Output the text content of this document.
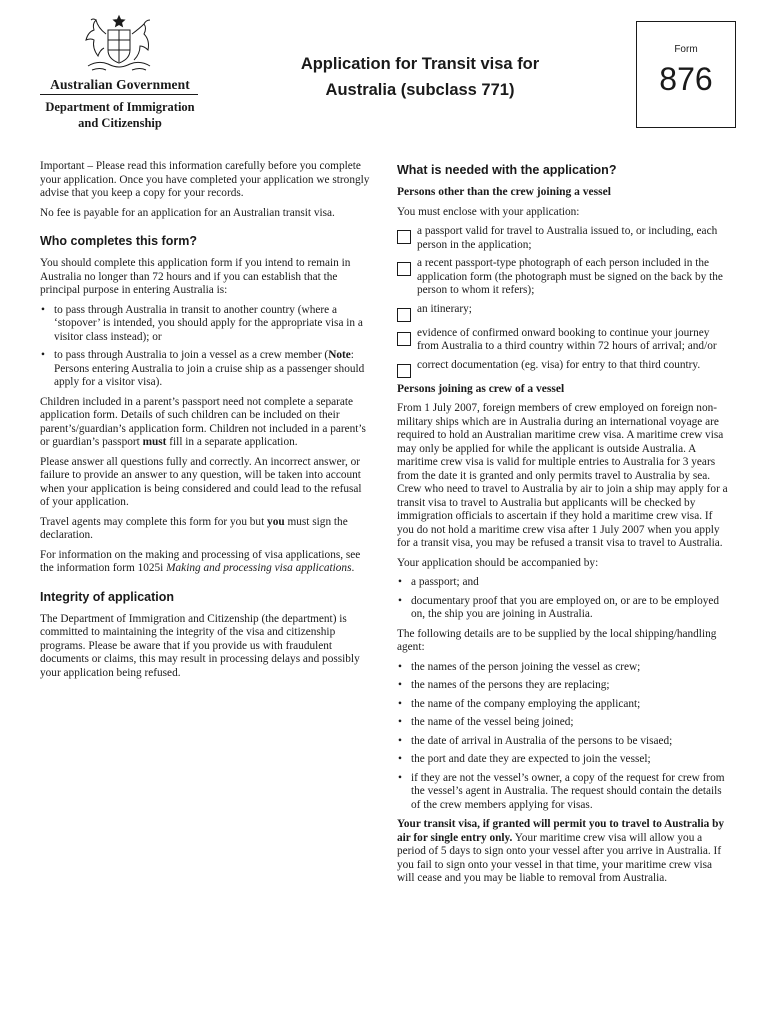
Australian Government
Department of Immigration
and Citizenship
Application for Transit visa for
Australia (subclass 771)
Form
876

Important – Please read this information carefully before you complete your application. Once you have completed your application we strongly advise that you keep a copy for your records.

No fee is payable for an application for an Australian transit visa.

Who completes this form?

You should complete this application form if you intend to remain in Australia no longer than 72 hours and if you can establish that the principal purpose in entering Australia is:

• to pass through Australia in transit to another country (where a ‘stopover’ is intended, you should apply for the appropriate visa in a visitor class instead); or
• to pass through Australia to join a vessel as a crew member (Note: Persons entering Australia to join a cruise ship as a passenger should apply for a visitor visa).

Children included in a parent’s passport need not complete a separate application form. Details of such children can be included on their parent’s/guardian’s application form. Children not included in a parent’s or guardian’s passport must fill in a separate application.

Please answer all questions fully and correctly. An incorrect answer, or failure to provide an answer to any question, will be taken into account when your application is being considered and could lead to the refusal of your application.

Travel agents may complete this form for you but you must sign the declaration.

For information on the making and processing of visa applications, see the information form 1025i Making and processing visa applications.

Integrity of application

The Department of Immigration and Citizenship (the department) is committed to maintaining the integrity of the visa and citizenship programs. Please be aware that if you provide us with fraudulent documents or claims, this may result in processing delays and possibly your application being refused.

What is needed with the application?
Persons other than the crew joining a vessel

You must enclose with your application:

a passport valid for travel to Australia issued to, or including, each person in the application;
a recent passport-type photograph of each person included in the application form (the photograph must be signed on the back by the person to whom it refers);
an itinerary;
evidence of confirmed onward booking to continue your journey from Australia to a third country within 72 hours of arrival; and/or
correct documentation (eg. visa) for entry to that third country.
Persons joining as crew of a vessel

From 1 July 2007, foreign members of crew employed on foreign non-military ships which are in Australia during an international voyage are required to hold an Australian maritime crew visa. A maritime crew visa may only be applied for while the applicant is outside Australia. A maritime crew visa is valid for multiple entries to Australia for 3 years from the date it is granted and only permits travel to Australia by sea. Crew who need to travel to Australia by air to join a ship may apply for a transit visa to travel to Australia but applicants will be checked by immigration officials to ascertain if they hold a maritime crew visa. If you do not hold a maritime crew visa after 1 July 2007 when you apply for a transit visa, you may be refused a transit visa to travel to Australia.

Your application should be accompanied by:

• a passport; and
• documentary proof that you are employed on, or are to be employed on, the ship you are joining in Australia.

The following details are to be supplied by the local shipping/handling agent:

• the names of the person joining the vessel as crew;
• the names of the persons they are replacing;
• the name of the company employing the applicant;
• the name of the vessel being joined;
• the date of arrival in Australia of the persons to be visaed;
• the port and date they are expected to join the vessel;
• if they are not the vessel’s owner, a copy of the request for crew from the vessel’s agent in Australia. The request should contain the details of the crew members applying for visas.

Your transit visa, if granted will permit you to travel to Australia by air for single entry only. Your maritime crew visa will allow you a period of 5 days to sign onto your vessel after you arrive in Australia. If you fail to sign onto your vessel in that time, your maritime crew visa will cease and you may be liable to removal from Australia.
